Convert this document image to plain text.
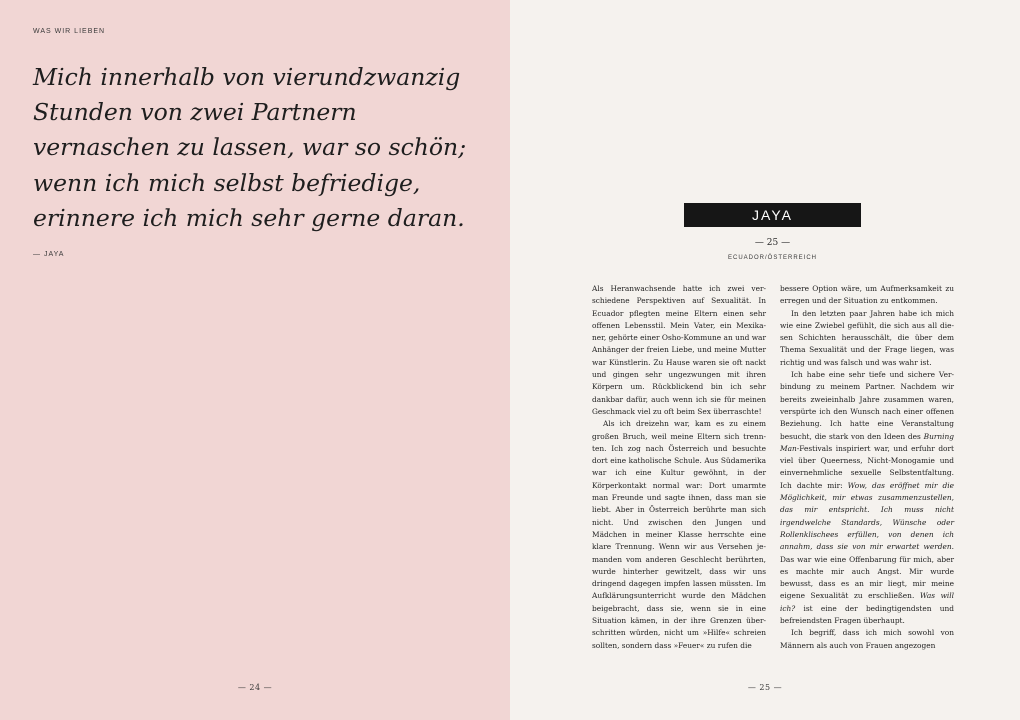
WAS WIR LIEBEN
Mich innerhalb von vierundzwanzig
Stunden von zwei Partnern
vernaschen zu lassen, war so schön;
wenn ich mich selbst befriedige,
erinnere ich mich sehr gerne daran.
— JAYA
— 24 —
JAYA
— 25 —
ECUADOR/ÖSTERREICH

Als Heranwachsende hatte ich zwei verschiedene Perspektiven auf Sexualität. In Ecuador pflegten meine Eltern einen sehr offenen Lebensstil. Mein Vater, ein Mexikaner, gehörte einer Osho-Kommune an und war Anhänger der freien Liebe, und meine Mutter war Künstlerin. Zu Hause waren sie oft nackt und gingen sehr ungezwungen mit ihren Körpern um. Rückblickend bin ich sehr dankbar dafür, auch wenn ich sie für meinen Geschmack viel zu oft beim Sex überraschte!

Als ich dreizehn war, kam es zu einem großen Bruch, weil meine Eltern sich trennten. Ich zog nach Österreich und besuchte dort eine katholische Schule. Aus Südamerika war ich eine Kultur gewöhnt, in der Körperkontakt normal war: Dort umarmte man Freunde und sagte ihnen, dass man sie liebt. Aber in Österreich berührte man sich nicht. Und zwischen den Jungen und Mädchen in meiner Klasse herrschte eine klare Trennung. Wenn wir aus Versehen jemanden vom anderen Geschlecht berührten, wurde hinterher gewitzelt, dass wir uns dringend dagegen impfen lassen müssten. Im Aufklärungsunterricht wurde den Mädchen beigebracht, dass sie, wenn sie in eine Situation kämen, in der ihre Grenzen überschritten würden, nicht um »Hilfe« schreien sollten, sondern dass »Feuer« zu rufen die

bessere Option wäre, um Aufmerksamkeit zu erregen und der Situation zu entkommen.

In den letzten paar Jahren habe ich mich wie eine Zwiebel gefühlt, die sich aus all diesen Schichten herausschält, die über dem Thema Sexualität und der Frage liegen, was richtig und was falsch und was wahr ist.

Ich habe eine sehr tiefe und sichere Verbindung zu meinem Partner. Nachdem wir bereits zweieinhalb Jahre zusammen waren, verspürte ich den Wunsch nach einer offenen Beziehung. Ich hatte eine Veranstaltung besucht, die stark von den Ideen des Burning Man-Festivals inspiriert war, und erfuhr dort viel über Queerness, Nicht-Monogamie und einvernehmliche sexuelle Selbstentfaltung. Ich dachte mir: Wow, das eröffnet mir die Möglichkeit, mir etwas zusammenzustellen, das mir entspricht. Ich muss nicht irgendwelche Standards, Wünsche oder Rollenklischees erfüllen, von denen ich annahm, dass sie von mir erwartet werden. Das war wie eine Offenbarung für mich, aber es machte mir auch Angst. Mir wurde bewusst, dass es an mir liegt, mir meine eigene Sexualität zu erschließen. Was will ich? ist eine der bedingtigendsten und befreiendsten Fragen überhaupt.

Ich begriff, dass ich mich sowohl von Männern als auch von Frauen angezogen

— 25 —
